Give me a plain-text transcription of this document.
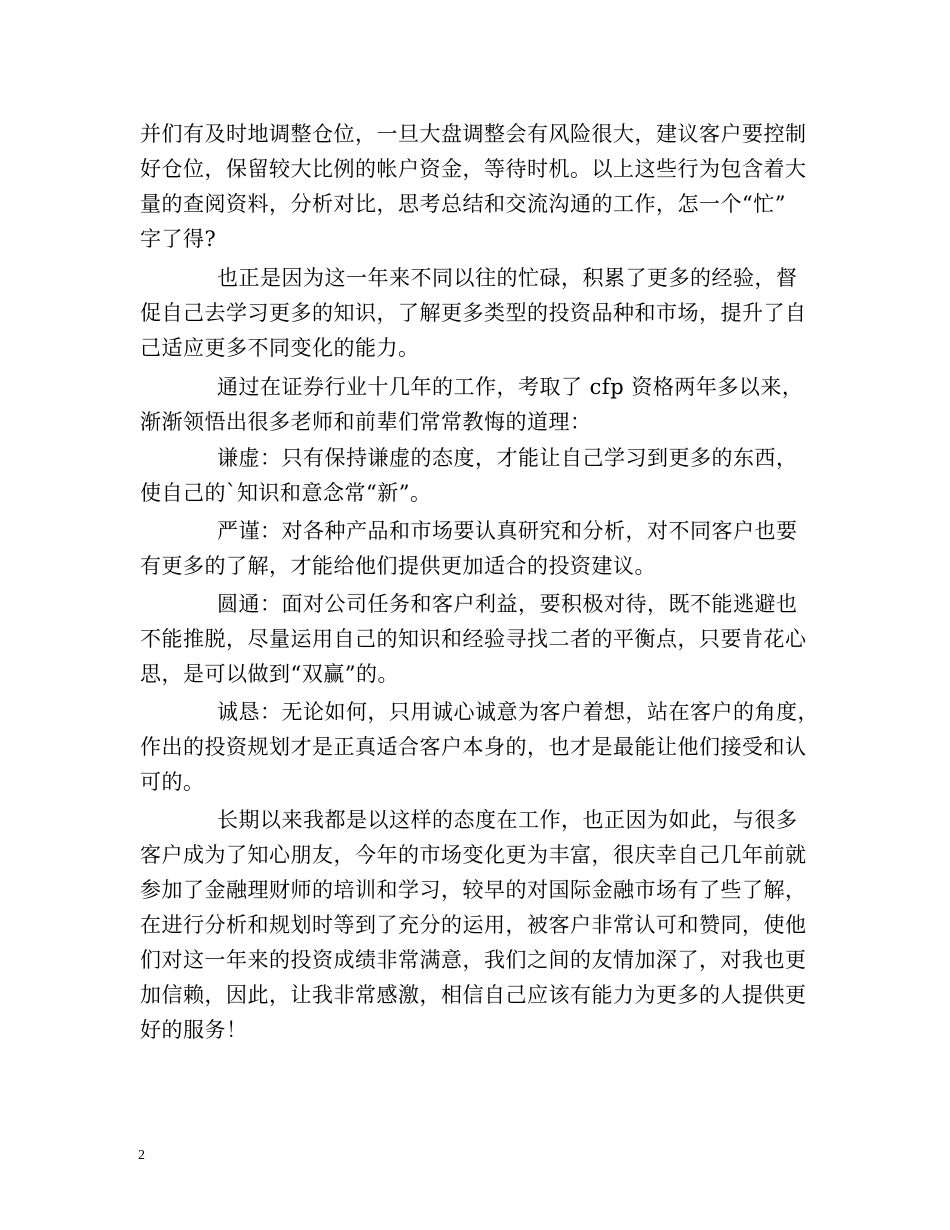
并们有及时地调整仓位，一旦大盘调整会有风险很大，建议客户要控制
好仓位，保留较大比例的帐户资金，等待时机。以上这些行为包含着大
量的查阅资料，分析对比，思考总结和交流沟通的工作，怎一个“忙”
字了得?
也正是因为这一年来不同以往的忙碌，积累了更多的经验，督
促自己去学习更多的知识，了解更多类型的投资品种和市场，提升了自
己适应更多不同变化的能力。
通过在证券行业十几年的工作，考取了 cfp 资格两年多以来，
渐渐领悟出很多老师和前辈们常常教悔的道理：
谦虚：只有保持谦虚的态度，才能让自己学习到更多的东西，
使自己的`知识和意念常“新”。
严谨：对各种产品和市场要认真研究和分析，对不同客户也要
有更多的了解，才能给他们提供更加适合的投资建议。
圆通：面对公司任务和客户利益，要积极对待，既不能逃避也
不能推脱，尽量运用自己的知识和经验寻找二者的平衡点，只要肯花心
思，是可以做到“双赢”的。
诚恳：无论如何，只用诚心诚意为客户着想，站在客户的角度，
作出的投资规划才是正真适合客户本身的，也才是最能让他们接受和认
可的。
长期以来我都是以这样的态度在工作，也正因为如此，与很多
客户成为了知心朋友，今年的市场变化更为丰富，很庆幸自己几年前就
参加了金融理财师的培训和学习，较早的对国际金融市场有了些了解，
在进行分析和规划时等到了充分的运用，被客户非常认可和赞同，使他
们对这一年来的投资成绩非常满意，我们之间的友情加深了，对我也更
加信赖，因此，让我非常感激，相信自己应该有能力为更多的人提供更
好的服务！
2
